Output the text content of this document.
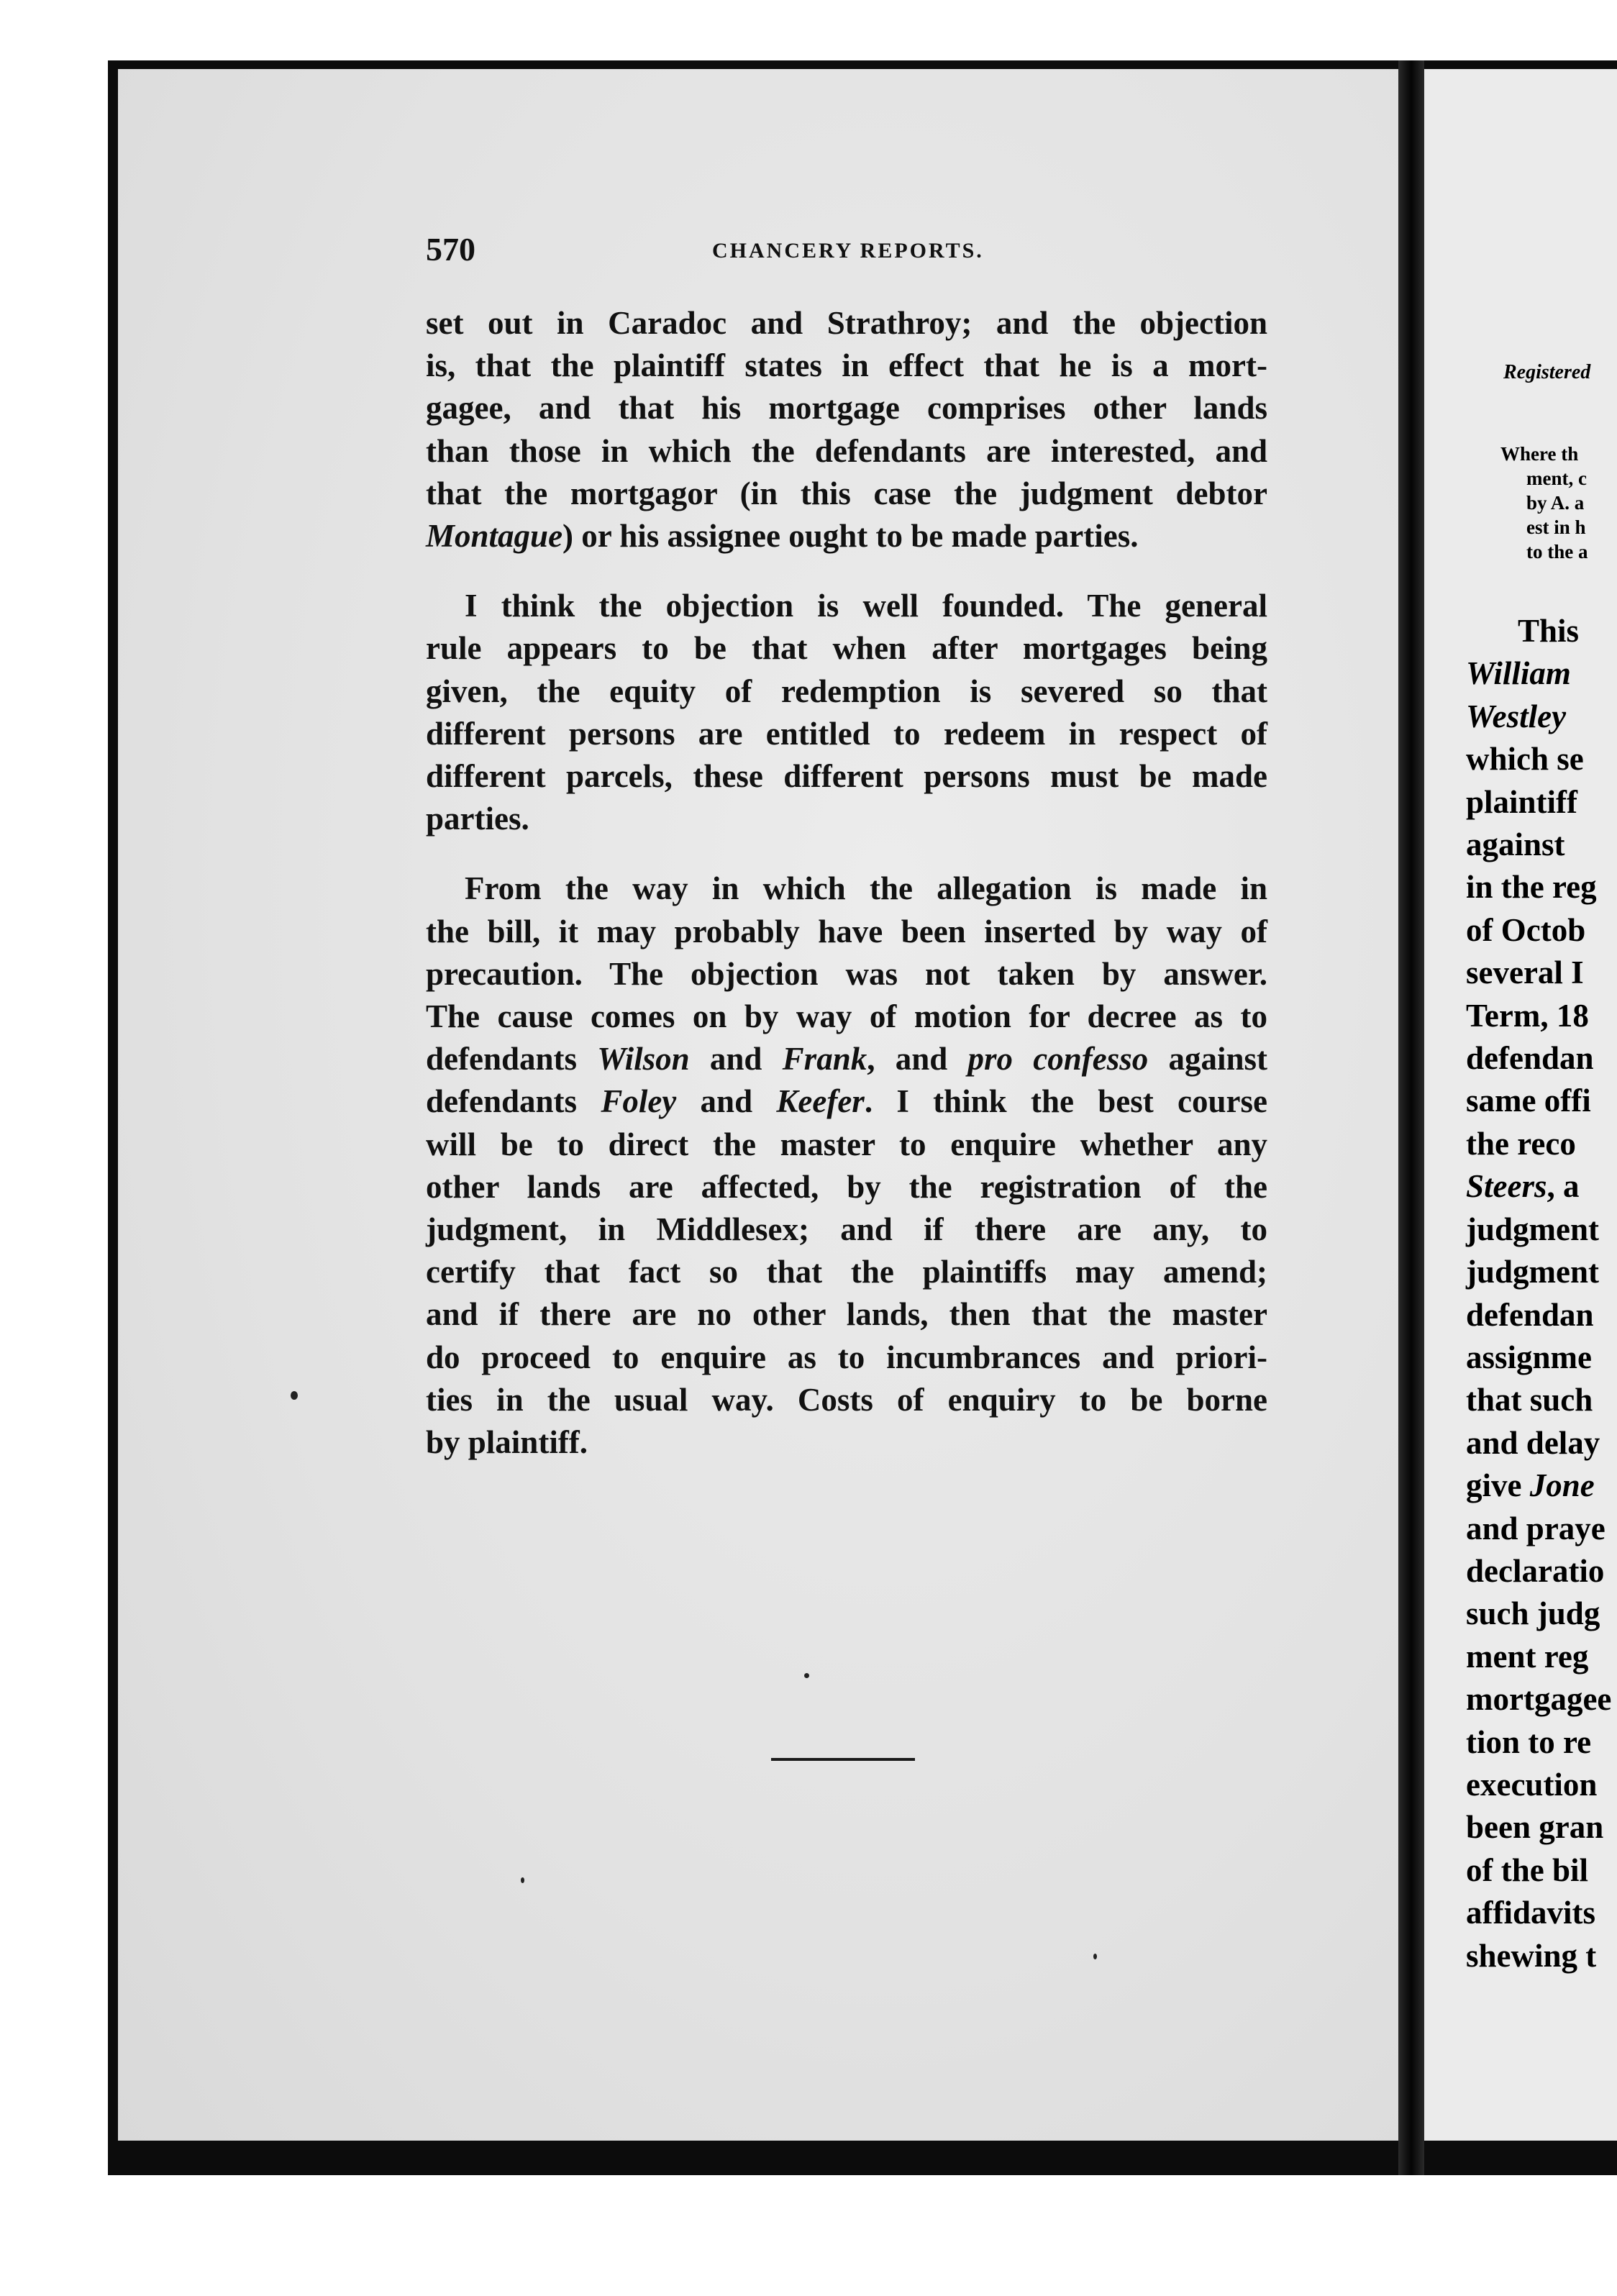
570	CHANCERY REPORTS.

set out in Caradoc and Strathroy; and the objection
is, that the plaintiff states in effect that he is a mort-
gagee, and that his mortgage comprises other lands
than those in which the defendants are interested, and
that the mortgagor (in this case the judgment debtor
Montague) or his assignee ought to be made parties.

I think the objection is well founded. The general
rule appears to be that when after mortgages being
given, the equity of redemption is severed so that
different persons are entitled to redeem in respect of
different parcels, these different persons must be made
parties.

From the way in which the allegation is made in
the bill, it may probably have been inserted by way of
precaution. The objection was not taken by answer.
The cause comes on by way of motion for decree as to
defendants Wilson and Frank, and pro confesso against
defendants Foley and Keefer. I think the best course
will be to direct the master to enquire whether any
other lands are affected, by the registration of the
judgment, in Middlesex; and if there are any, to
certify that fact so that the plaintiffs may amend;
and if there are no other lands, then that the master
do proceed to enquire as to incumbrances and priori-
ties in the usual way. Costs of enquiry to be borne
by plaintiff.

Registered
Where th
ment, c
by A. a
est in h
to the a
This
William
Westley
which se
plaintiff
against
in the reg
of Octob
several I
Term, 18
defendan
same offi
the reco
Steers, a
judgment
judgment
defendan
assignme
that such
and delay
give Jone
and praye
declaratio
such judg
ment reg
mortgagee
tion to re
execution
been gran
of the bil
affidavits
shewing t
